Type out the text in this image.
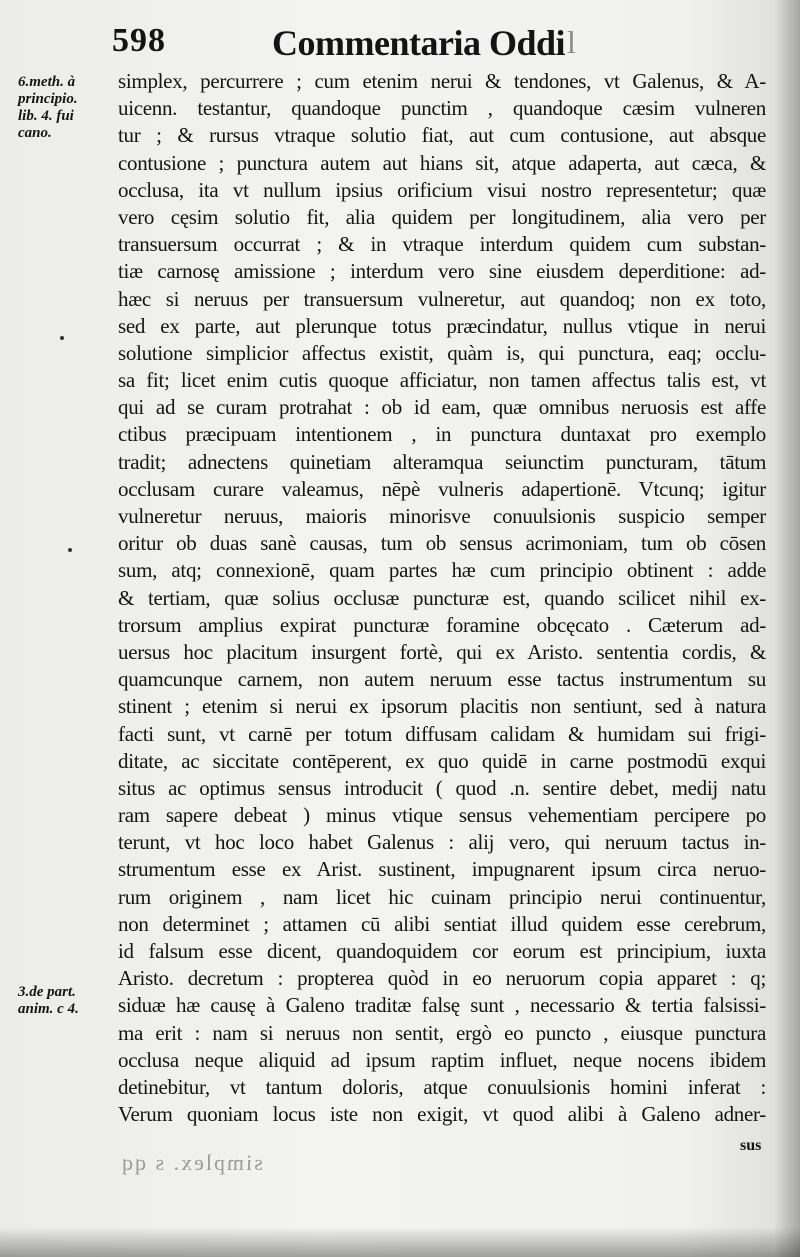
598	Commentaria Oddi l
6.meth. à
principio.
lib. 4. fui
cano.
3.de part.
anim. c 4.
simplex, percurrere ; cum etenim nerui & tendones, vt Galenus, & A-
uicenn. testantur, quandoque punctim , quandoque cæsim vulneren
tur ; & rursus vtraque solutio fiat, aut cum contusione, aut absque
contusione ; punctura autem aut hians sit, atque adaperta, aut cæca, &
occlusa, ita vt nullum ipsius orificium visui nostro representetur; quæ
vero cęsim solutio fit, alia quidem per longitudinem, alia vero per
transuersum occurrat ; & in vtraque interdum quidem cum substan-
tiæ carnosę amissione ; interdum vero sine eiusdem deperditione: ad-
hæc si neruus per transuersum vulneretur, aut quandoq; non ex toto,
sed ex parte, aut plerunque totus præcindatur, nullus vtique in nerui
solutione simplicior affectus existit, quàm is, qui punctura, eaq; occlu-
sa fit; licet enim cutis quoque afficiatur, non tamen affectus talis est, vt
qui ad se curam protrahat : ob id eam, quæ omnibus neruosis est affe
ctibus præcipuam intentionem , in punctura duntaxat pro exemplo
tradit; adnectens quinetiam alteramqua seiunctim puncturam, tātum
occlusam curare valeamus, nēpè vulneris adapertionē. Vtcunq; igitur
vulneretur neruus, maioris minorisve conuulsionis suspicio semper
oritur ob duas sanè causas, tum ob sensus acrimoniam, tum ob cōsen
sum, atq; connexionē, quam partes hæ cum principio obtinent : adde
& tertiam, quæ solius occlusæ puncturæ est, quando scilicet nihil ex-
trorsum amplius expirat puncturæ foramine obcęcato . Cæterum ad-
uersus hoc placitum insurgent fortè, qui ex Aristo. sententia cordis, &
quamcunque carnem, non autem neruum esse tactus instrumentum su
stinent ; etenim si nerui ex ipsorum placitis non sentiunt, sed à natura
facti sunt, vt carnē per totum diffusam calidam & humidam sui frigi-
ditate, ac siccitate contēperent, ex quo quidē in carne postmodū exqui
situs ac optimus sensus introducit ( quod .n. sentire debet, medij natu
ram sapere debeat ) minus vtique sensus vehementiam percipere po
terunt, vt hoc loco habet Galenus : alij vero, qui neruum tactus in-
strumentum esse ex Arist. sustinent, impugnarent ipsum circa neruo-
rum originem , nam licet hic cuinam principio nerui continuentur,
non determinet ; attamen cū alibi sentiat illud quidem esse cerebrum,
id falsum esse dicent, quandoquidem cor eorum est principium, iuxta
Aristo. decretum : propterea quòd in eo neruorum copia apparet : q;
siduæ hæ causę à Galeno traditæ falsę sunt , necessario & tertia falsissi-
ma erit : nam si neruus non sentit, ergò eo puncto , eiusque punctura
occlusa neque aliquid ad ipsum raptim influet, neque nocens ibidem
detinebitur, vt tantum doloris, atque conuulsionis homini inferat :
Verum quoniam locus iste non exigit, vt quod alibi à Galeno adner-
sus
simplex. s qq
